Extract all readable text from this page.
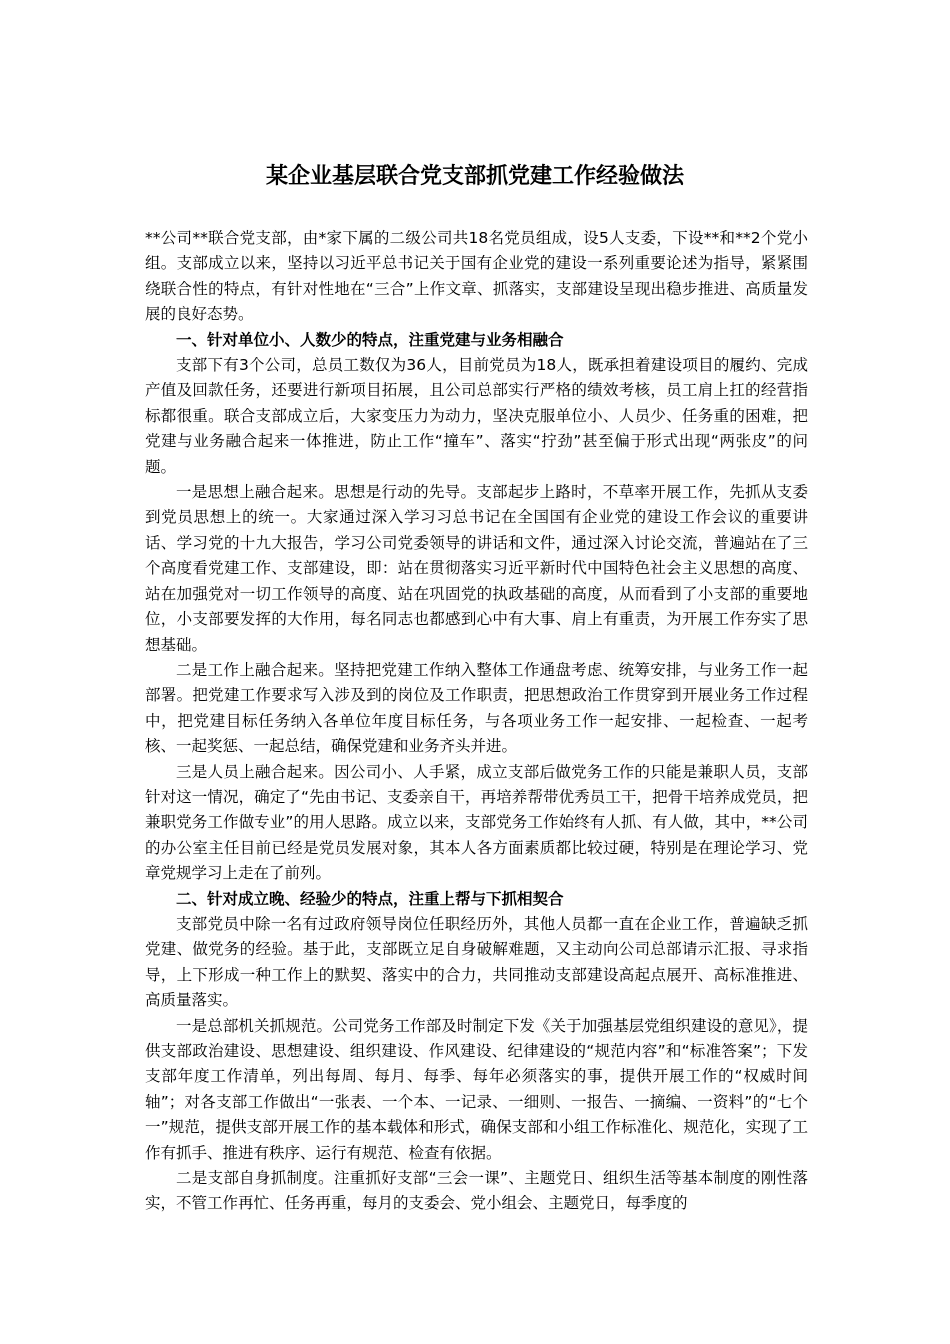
某企业基层联合党支部抓党建工作经验做法

**公司**联合党支部，由*家下属的二级公司共18名党员组成，设5人支委，下设**和**2个党小组。支部成立以来，坚持以习近平总书记关于国有企业党的建设一系列重要论述为指导，紧紧围绕联合性的特点，有针对性地在“三合”上作文章、抓落实，支部建设呈现出稳步推进、高质量发展的良好态势。

一、针对单位小、人数少的特点，注重党建与业务相融合

支部下有3个公司，总员工数仅为36人，目前党员为18人，既承担着建设项目的履约、完成产值及回款任务，还要进行新项目拓展，且公司总部实行严格的绩效考核，员工肩上扛的经营指标都很重。联合支部成立后，大家变压力为动力，坚决克服单位小、人员少、任务重的困难，把党建与业务融合起来一体推进，防止工作“撞车”、落实“拧劲”甚至偏于形式出现“两张皮”的问题。

一是思想上融合起来。思想是行动的先导。支部起步上路时，不草率开展工作，先抓从支委到党员思想上的统一。大家通过深入学习习总书记在全国国有企业党的建设工作会议的重要讲话、学习党的十九大报告，学习公司党委领导的讲话和文件，通过深入讨论交流，普遍站在了三个高度看党建工作、支部建设，即：站在贯彻落实习近平新时代中国特色社会主义思想的高度、站在加强党对一切工作领导的高度、站在巩固党的执政基础的高度，从而看到了小支部的重要地位，小支部要发挥的大作用，每名同志也都感到心中有大事、肩上有重责，为开展工作夯实了思想基础。

二是工作上融合起来。坚持把党建工作纳入整体工作通盘考虑、统筹安排，与业务工作一起部署。把党建工作要求写入涉及到的岗位及工作职责，把思想政治工作贯穿到开展业务工作过程中，把党建目标任务纳入各单位年度目标任务，与各项业务工作一起安排、一起检查、一起考核、一起奖惩、一起总结，确保党建和业务齐头并进。

三是人员上融合起来。因公司小、人手紧，成立支部后做党务工作的只能是兼职人员，支部针对这一情况，确定了“先由书记、支委亲自干，再培养帮带优秀员工干，把骨干培养成党员，把兼职党务工作做专业”的用人思路。成立以来，支部党务工作始终有人抓、有人做，其中，**公司的办公室主任目前已经是党员发展对象，其本人各方面素质都比较过硬，特别是在理论学习、党章党规学习上走在了前列。

二、针对成立晚、经验少的特点，注重上帮与下抓相契合

支部党员中除一名有过政府领导岗位任职经历外，其他人员都一直在企业工作，普遍缺乏抓党建、做党务的经验。基于此，支部既立足自身破解难题，又主动向公司总部请示汇报、寻求指导，上下形成一种工作上的默契、落实中的合力，共同推动支部建设高起点展开、高标准推进、高质量落实。

一是总部机关抓规范。公司党务工作部及时制定下发《关于加强基层党组织建设的意见》，提供支部政治建设、思想建设、组织建设、作风建设、纪律建设的“规范内容”和“标准答案”；下发支部年度工作清单，列出每周、每月、每季、每年必须落实的事，提供开展工作的“权威时间轴”；对各支部工作做出“一张表、一个本、一记录、一细则、一报告、一摘编、一资料”的“七个一”规范，提供支部开展工作的基本载体和形式，确保支部和小组工作标准化、规范化，实现了工作有抓手、推进有秩序、运行有规范、检查有依据。

二是支部自身抓制度。注重抓好支部“三会一课”、主题党日、组织生活等基本制度的刚性落实，不管工作再忙、任务再重，每月的支委会、党小组会、主题党日，每季度的
